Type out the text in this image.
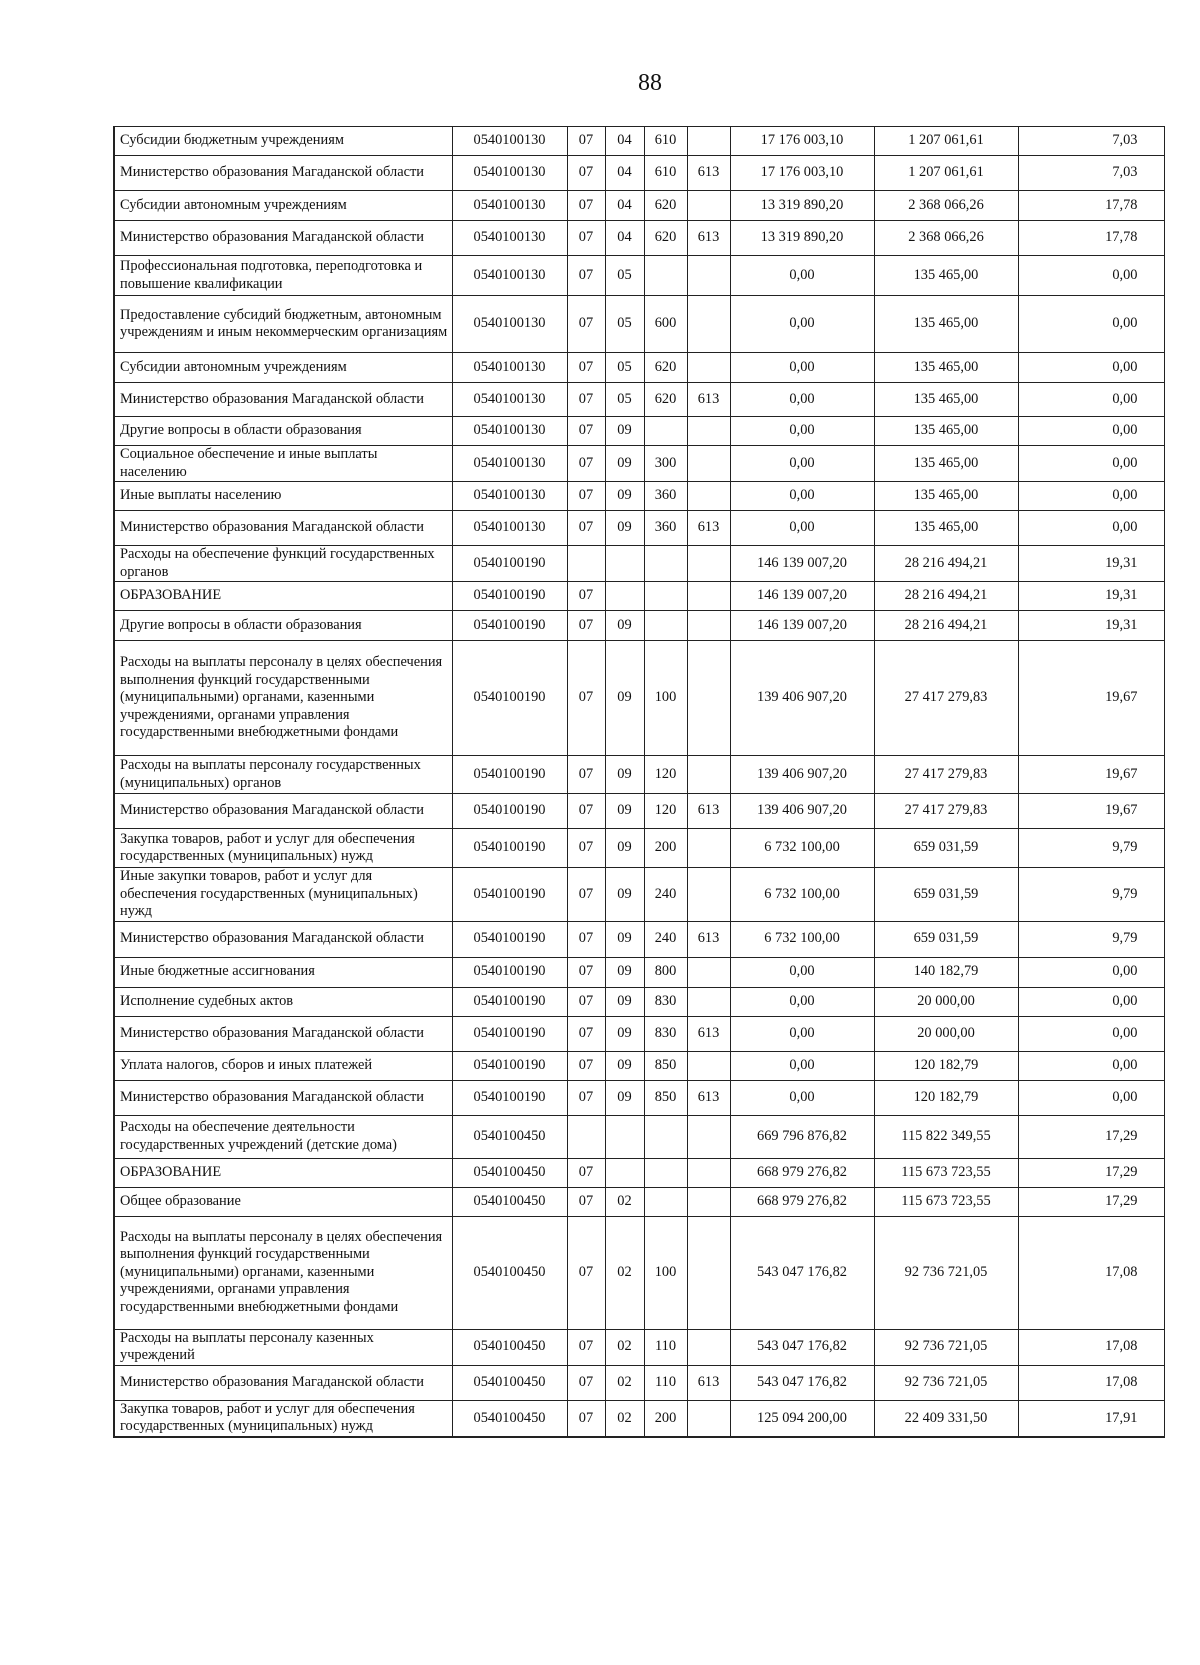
88
Субсидии бюджетным учреждениям	0540100130	07	04	610		17 176 003,10	1 207 061,61	7,03
Министерство образования Магаданской области	0540100130	07	04	610	613	17 176 003,10	1 207 061,61	7,03
Субсидии автономным учреждениям	0540100130	07	04	620		13 319 890,20	2 368 066,26	17,78
Министерство образования Магаданской области	0540100130	07	04	620	613	13 319 890,20	2 368 066,26	17,78
Профессиональная подготовка, переподготовка и повышение квалификации	0540100130	07	05			0,00	135 465,00	0,00
Предоставление субсидий бюджетным, автономным учреждениям и иным некоммерческим организациям	0540100130	07	05	600		0,00	135 465,00	0,00
Субсидии автономным учреждениям	0540100130	07	05	620		0,00	135 465,00	0,00
Министерство образования Магаданской области	0540100130	07	05	620	613	0,00	135 465,00	0,00
Другие вопросы в области образования	0540100130	07	09			0,00	135 465,00	0,00
Социальное обеспечение и иные выплаты населению	0540100130	07	09	300		0,00	135 465,00	0,00
Иные выплаты населению	0540100130	07	09	360		0,00	135 465,00	0,00
Министерство образования Магаданской области	0540100130	07	09	360	613	0,00	135 465,00	0,00
Расходы на обеспечение функций государственных органов	0540100190					146 139 007,20	28 216 494,21	19,31
ОБРАЗОВАНИЕ	0540100190	07				146 139 007,20	28 216 494,21	19,31
Другие вопросы в области образования	0540100190	07	09			146 139 007,20	28 216 494,21	19,31
Расходы на выплаты персоналу в целях обеспечения выполнения функций государственными (муниципальными) органами, казенными учреждениями, органами управления государственными внебюджетными фондами	0540100190	07	09	100		139 406 907,20	27 417 279,83	19,67
Расходы на выплаты персоналу государственных (муниципальных) органов	0540100190	07	09	120		139 406 907,20	27 417 279,83	19,67
Министерство образования Магаданской области	0540100190	07	09	120	613	139 406 907,20	27 417 279,83	19,67
Закупка товаров, работ и услуг для обеспечения государственных (муниципальных) нужд	0540100190	07	09	200		6 732 100,00	659 031,59	9,79
Иные закупки товаров, работ и услуг для обеспечения государственных (муниципальных) нужд	0540100190	07	09	240		6 732 100,00	659 031,59	9,79
Министерство образования Магаданской области	0540100190	07	09	240	613	6 732 100,00	659 031,59	9,79
Иные бюджетные ассигнования	0540100190	07	09	800		0,00	140 182,79	0,00
Исполнение судебных актов	0540100190	07	09	830		0,00	20 000,00	0,00
Министерство образования Магаданской области	0540100190	07	09	830	613	0,00	20 000,00	0,00
Уплата налогов, сборов и иных платежей	0540100190	07	09	850		0,00	120 182,79	0,00
Министерство образования Магаданской области	0540100190	07	09	850	613	0,00	120 182,79	0,00
Расходы на обеспечение деятельности государственных учреждений (детские дома)	0540100450					669 796 876,82	115 822 349,55	17,29
ОБРАЗОВАНИЕ	0540100450	07				668 979 276,82	115 673 723,55	17,29
Общее образование	0540100450	07	02			668 979 276,82	115 673 723,55	17,29
Расходы на выплаты персоналу в целях обеспечения выполнения функций государственными (муниципальными) органами, казенными учреждениями, органами управления государственными внебюджетными фондами	0540100450	07	02	100		543 047 176,82	92 736 721,05	17,08
Расходы на выплаты персоналу казенных учреждений	0540100450	07	02	110		543 047 176,82	92 736 721,05	17,08
Министерство образования Магаданской области	0540100450	07	02	110	613	543 047 176,82	92 736 721,05	17,08
Закупка товаров, работ и услуг для обеспечения государственных (муниципальных) нужд	0540100450	07	02	200		125 094 200,00	22 409 331,50	17,91
